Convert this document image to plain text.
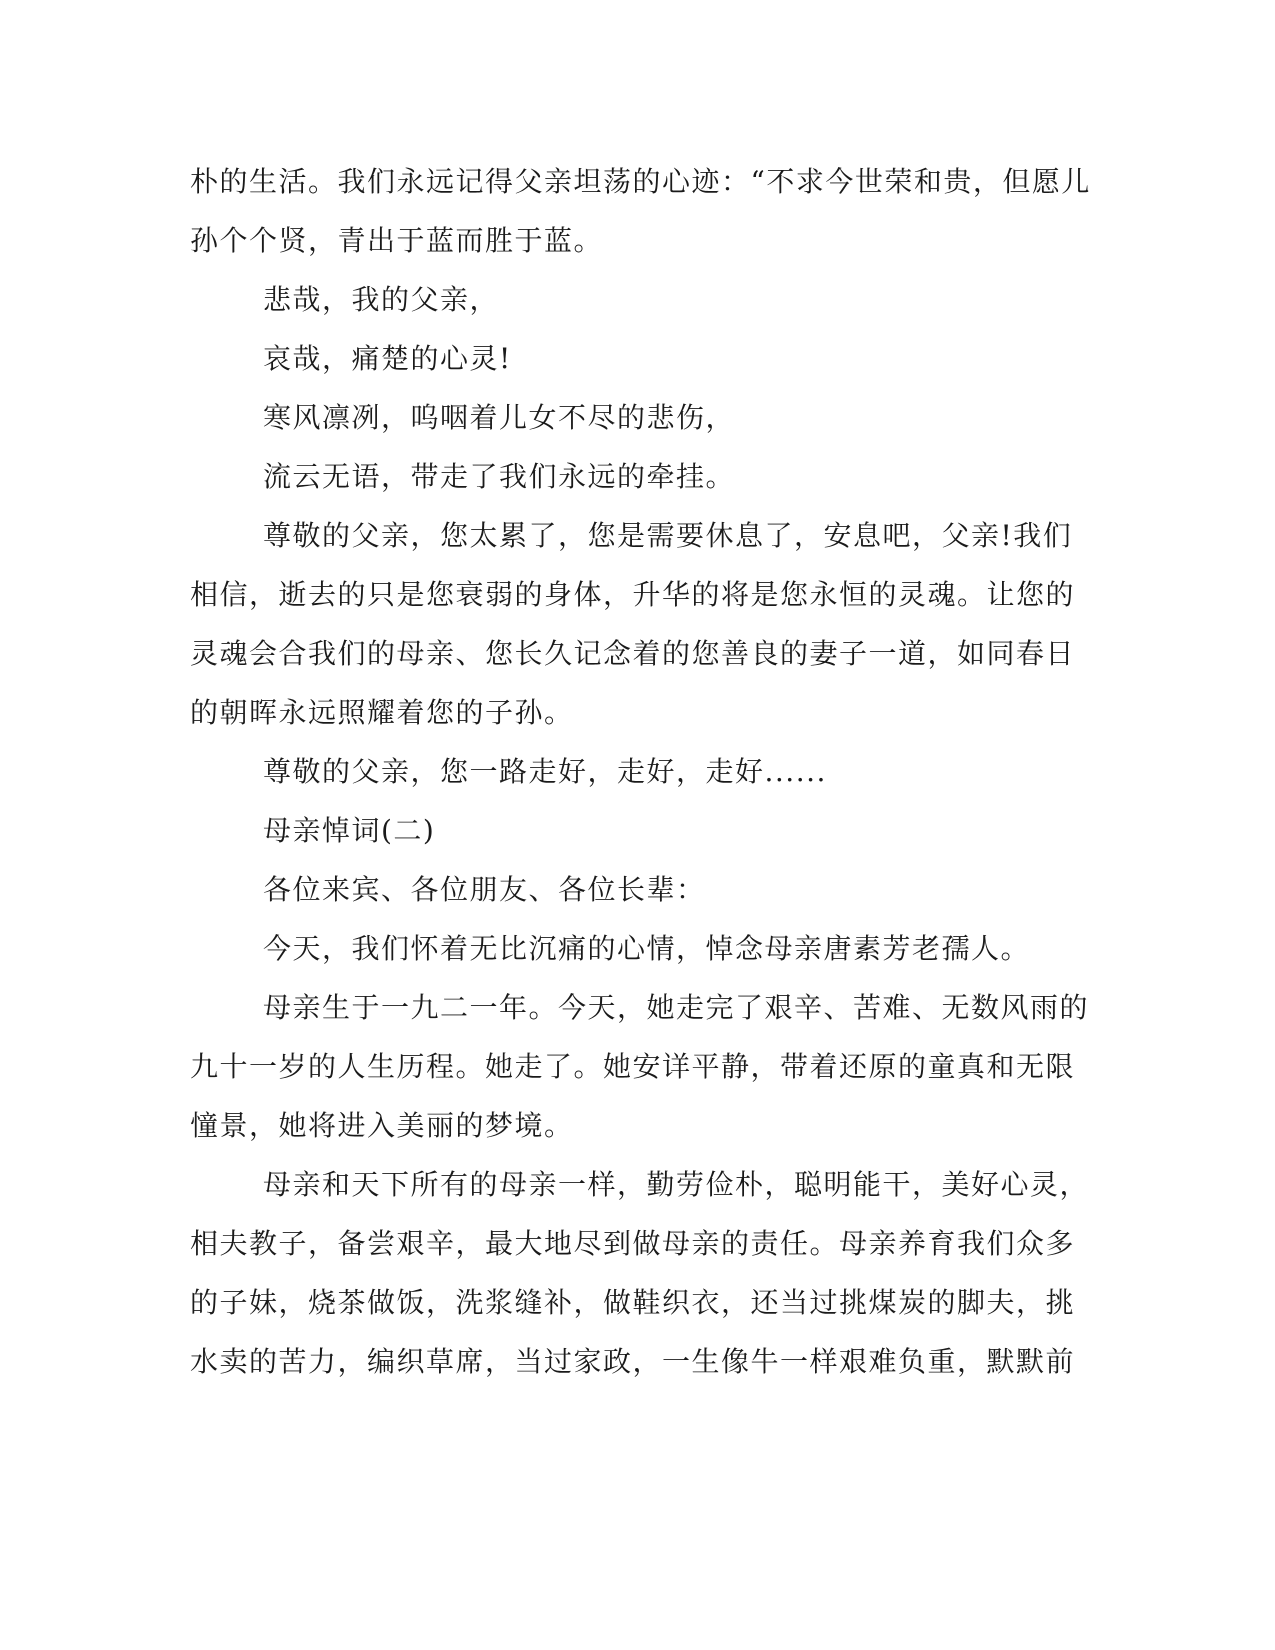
朴的生活。我们永远记得父亲坦荡的心迹：“不求今世荣和贵，但愿儿
孙个个贤，青出于蓝而胜于蓝。
悲哉，我的父亲，
哀哉，痛楚的心灵!
寒风凛冽，呜咽着儿女不尽的悲伤，
流云无语，带走了我们永远的牵挂。
尊敬的父亲，您太累了，您是需要休息了，安息吧，父亲!我们
相信，逝去的只是您衰弱的身体，升华的将是您永恒的灵魂。让您的
灵魂会合我们的母亲、您长久记念着的您善良的妻子一道，如同春日
的朝晖永远照耀着您的子孙。
尊敬的父亲，您一路走好，走好，走好......
母亲悼词(二)
各位来宾、各位朋友、各位长辈：
今天，我们怀着无比沉痛的心情，悼念母亲唐素芳老孺人。
母亲生于一九二一年。今天，她走完了艰辛、苦难、无数风雨的
九十一岁的人生历程。她走了。她安详平静，带着还原的童真和无限
憧景，她将进入美丽的梦境。
母亲和天下所有的母亲一样，勤劳俭朴，聪明能干，美好心灵，
相夫教子，备尝艰辛，最大地尽到做母亲的责任。母亲养育我们众多
的子妹，烧茶做饭，洗浆缝补，做鞋织衣，还当过挑煤炭的脚夫，挑
水卖的苦力，编织草席，当过家政，一生像牛一样艰难负重，默默前
